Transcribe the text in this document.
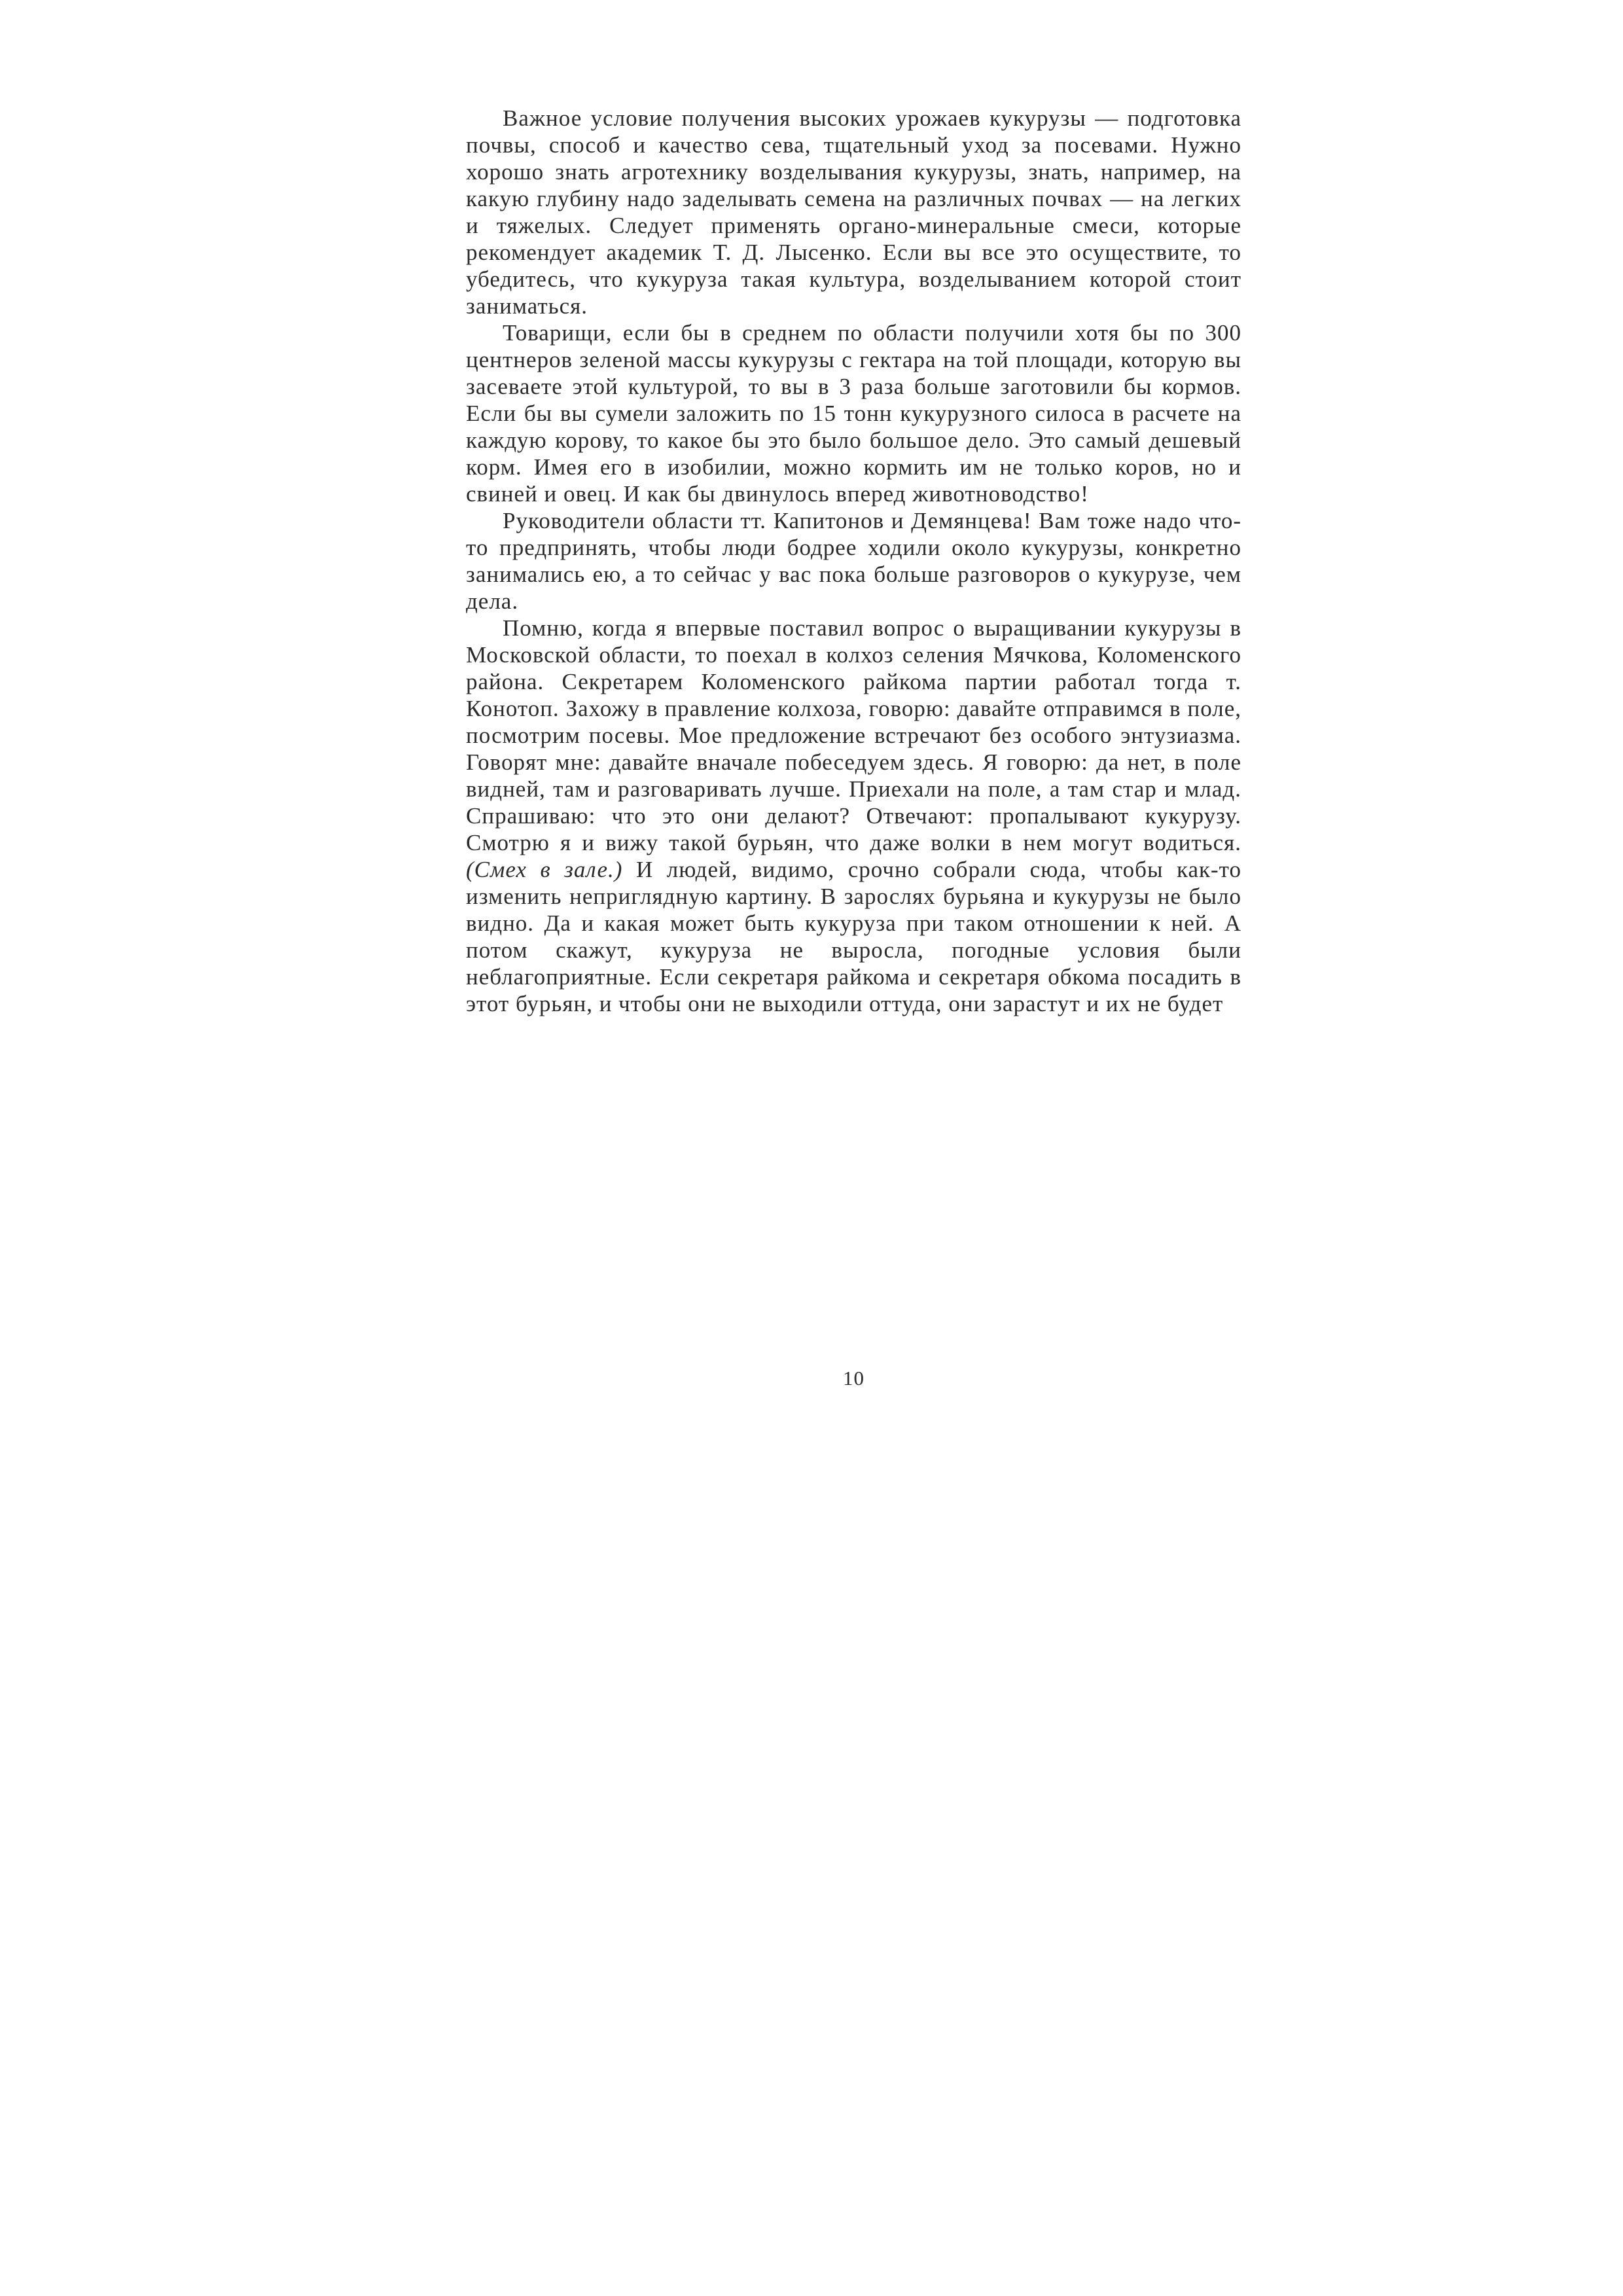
Важное условие получения высоких урожаев кукурузы — подготовка почвы, способ и качество сева, тщательный уход за посевами. Нужно хорошо знать агротехнику возделывания кукурузы, знать, например, на какую глубину надо заделывать семена на различных почвах — на легких и тяжелых. Следует применять органо-минеральные смеси, которые рекомендует академик Т. Д. Лысенко. Если вы все это осуществите, то убедитесь, что кукуруза такая культура, возделыванием которой стоит заниматься.

Товарищи, если бы в среднем по области получили хотя бы по 300 центнеров зеленой массы кукурузы с гектара на той площади, которую вы засеваете этой культурой, то вы в 3 раза больше заготовили бы кормов. Если бы вы сумели заложить по 15 тонн кукурузного силоса в расчете на каждую корову, то какое бы это было большое дело. Это самый дешевый корм. Имея его в изобилии, можно кормить им не только коров, но и свиней и овец. И как бы двинулось вперед животноводство!

Руководители области тт. Капитонов и Демянцева! Вам тоже надо что-то предпринять, чтобы люди бодрее ходили около кукурузы, конкретно занимались ею, а то сейчас у вас пока больше разговоров о кукурузе, чем дела.

Помню, когда я впервые поставил вопрос о выращивании кукурузы в Московской области, то поехал в колхоз селения Мячкова, Коломенского района. Секретарем Коломенского райкома партии работал тогда т. Конотоп. Захожу в правление колхоза, говорю: давайте отправимся в поле, посмотрим посевы. Мое предложение встречают без особого энтузиазма. Говорят мне: давайте вначале побеседуем здесь. Я говорю: да нет, в поле видней, там и разговаривать лучше. Приехали на поле, а там стар и млад. Спрашиваю: что это они делают? Отвечают: пропалывают кукурузу. Смотрю я и вижу такой бурьян, что даже волки в нем могут водиться. (Смех в зале.) И людей, видимо, срочно собрали сюда, чтобы как-то изменить неприглядную картину. В зарослях бурьяна и кукурузы не было видно. Да и какая может быть кукуруза при таком отношении к ней. А потом скажут, кукуруза не выросла, погодные условия были неблагоприятные. Если секретаря райкома и секретаря обкома посадить в этот бурьян, и чтобы они не выходили оттуда, они зарастут и их не будет

10
